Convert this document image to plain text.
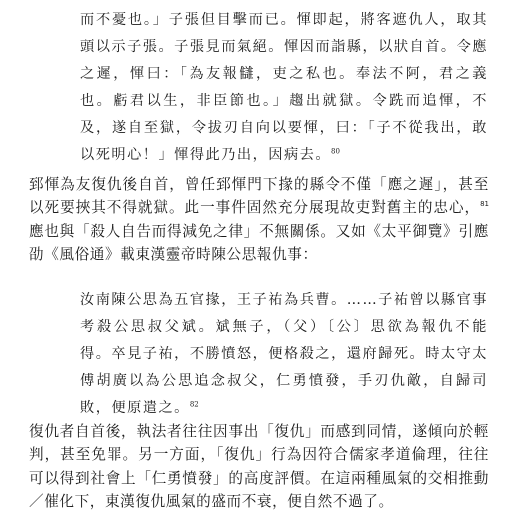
而不憂也。」子張但目擊而已。惲即起，將客遮仇人，取其頭以示子張。子張見而氣絕。惲因而詣縣，以狀自首。令應之遲，惲曰：「為友報讎，吏之私也。奉法不阿，君之義也。虧君以生，非臣節也。」趨出就獄。令跣而追惲，不及，遂自至獄，令拔刃自向以要惲，曰：「子不從我出，敢以死明心！」惲得此乃出，因病去。$^{80}$

郅惲為友復仇後自首，曾任郅惲門下掾的縣令不僅「應之遲」，甚至以死要挾其不得就獄。此一事件固然充分展現故吏對舊主的忠心，$^{81}$應也與「殺人自告而得減免之律」不無關係。又如《太平御覽》引應劭《風俗通》載東漢靈帝時陳公思報仇事：

汝南陳公思為五官掾，王子祐為兵曹。……子祐曾以縣官事考殺公思叔父斌。斌無子，（父）〔公〕思欲為報仇不能得。卒見子祐，不勝憤怒，便格殺之，還府歸死。時太守太傅胡廣以為公思追念叔父，仁勇憤發，手刃仇敵，自歸司敗，便原遣之。$^{82}$

復仇者自首後，執法者往往因事出「復仇」而感到同情，遂傾向於輕判，甚至免罪。另一方面，「復仇」行為因符合儒家孝道倫理，往往可以得到社會上「仁勇憤發」的高度評價。在這兩種風氣的交相推動／催化下，東漢復仇風氣的盛而不衰，便自然不過了。
